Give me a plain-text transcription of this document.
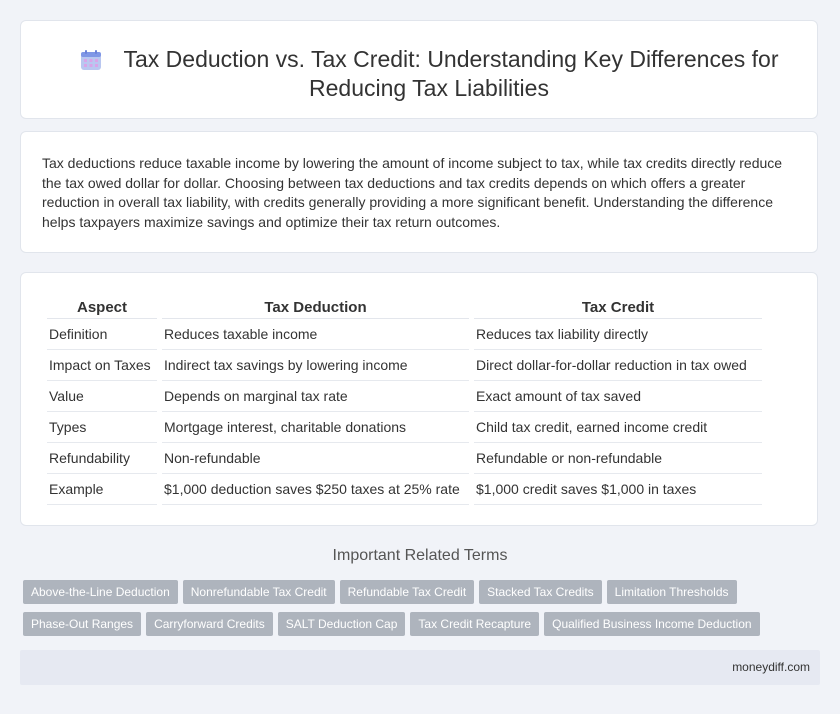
Tax Deduction vs. Tax Credit: Understanding Key Differences for Reducing Tax Liabilities

Tax deductions reduce taxable income by lowering the amount of income subject to tax, while tax credits directly reduce the tax owed dollar for dollar. Choosing between tax deductions and tax credits depends on which offers a greater reduction in overall tax liability, with credits generally providing a more significant benefit. Understanding the difference helps taxpayers maximize savings and optimize their tax return outcomes.

Aspect	Tax Deduction	Tax Credit
Definition	Reduces taxable income	Reduces tax liability directly
Impact on Taxes	Indirect tax savings by lowering income	Direct dollar-for-dollar reduction in tax owed
Value	Depends on marginal tax rate	Exact amount of tax saved
Types	Mortgage interest, charitable donations	Child tax credit, earned income credit
Refundability	Non-refundable	Refundable or non-refundable
Example	$1,000 deduction saves $250 taxes at 25% rate	$1,000 credit saves $1,000 in taxes
Important Related Terms
Above-the-Line Deduction Nonrefundable Tax Credit Refundable Tax Credit Stacked Tax Credits Limitation Thresholds
Phase-Out Ranges Carryforward Credits SALT Deduction Cap Tax Credit Recapture Qualified Business Income Deduction
moneydiff.com
